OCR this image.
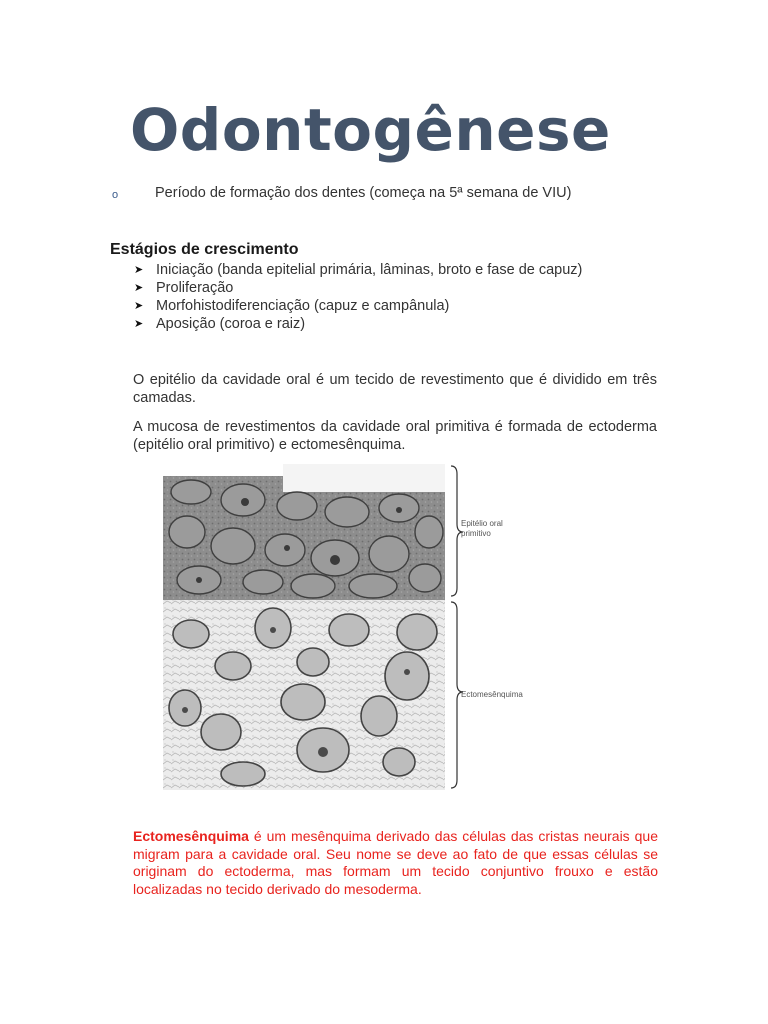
Odontogênese
o	Período de formação dos dentes (começa na 5ª semana de VIU)
Estágios de crescimento
➤ Iniciação (banda epitelial primária, lâminas, broto e fase de capuz)
➤ Proliferação
➤ Morfohistodiferenciação (capuz e campânula)
➤ Aposição (coroa e raiz)

O epitélio da cavidade oral é um tecido de revestimento que é dividido em três camadas.

A mucosa de revestimentos da cavidade oral primitiva é formada de ectoderma (epitélio oral primitivo) e ectomesênquima.

Epitélio oral
primitivo
Ectomesênquima

Ectomesênquima é um mesênquima derivado das células das cristas neurais que migram para a cavidade oral. Seu nome se deve ao fato de que essas células se originam do ectoderma, mas formam um tecido conjuntivo frouxo e estão localizadas no tecido derivado do mesoderma.
